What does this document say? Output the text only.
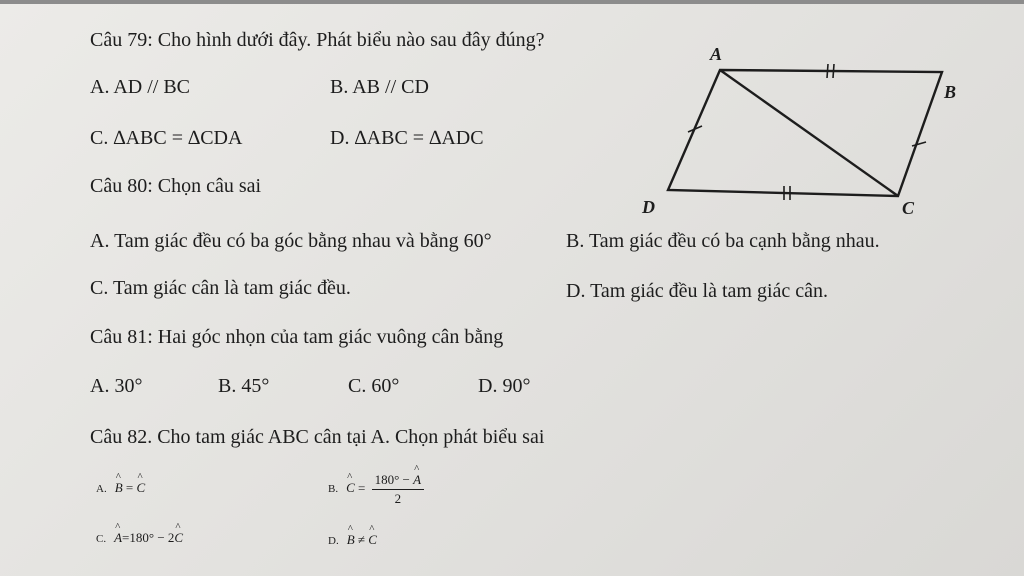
Câu 79: Cho hình dưới đây. Phát biểu nào sau đây đúng?
A. AD // BC	B. AB // CD
C. ∆ABC = ∆CDA	D. ∆ABC = ∆ADC
A
B
C
D
Câu 80: Chọn câu sai
A. Tam giác đều có ba góc bằng nhau và bằng 60°	B. Tam giác đều có ba cạnh bằng nhau.
C. Tam giác cân là tam giác đều.	D. Tam giác đều là tam giác cân.
Câu 81: Hai góc nhọn của tam giác vuông cân bằng
A. 30°	B. 45°	C. 60°	D. 90°
Câu 82. Cho tam giác ABC cân tại A. Chọn phát biểu sai
A. ^ B = ^ C	B. ^ $C = \frac{180^\circ - \^{} A}{2}$
C. ^ A=180° − 2^ C	D. ^ B ≠ ^ C
